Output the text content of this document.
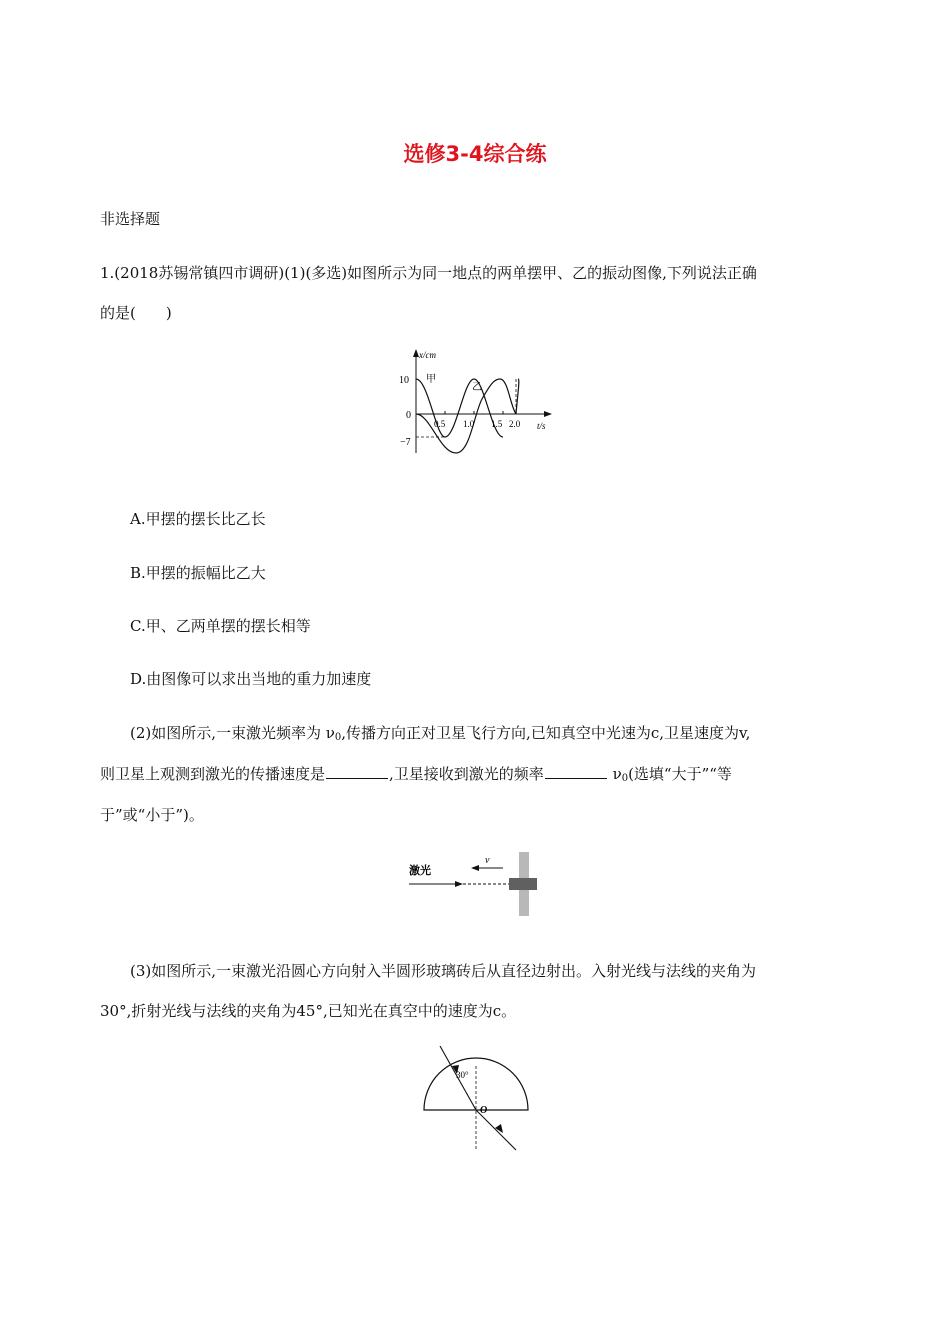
选修3-4综合练
非选择题
1.(2018苏锡常镇四市调研)(1)(多选)如图所示为同一地点的两单摆甲、乙的振动图像,下列说法正确
的是(　　)
x/cm
t/s
10
0
−7
0.5 1.0 1.5 2.0
甲
乙
A.甲摆的摆长比乙长
B.甲摆的振幅比乙大
C.甲、乙两单摆的摆长相等
D.由图像可以求出当地的重力加速度
(2)如图所示,一束激光频率为 $\nu_0$,传播方向正对卫星飞行方向,已知真空中光速为c,卫星速度为v,
则卫星上观测到激光的传播速度是	,卫星接收到激光的频率	$\nu_0$(选填“大于”“等
于”或“小于”)。
激光
v
(3)如图所示,一束激光沿圆心方向射入半圆形玻璃砖后从直径边射出。入射光线与法线的夹角为
30°,折射光线与法线的夹角为45°,已知光在真空中的速度为c。
30°
O
